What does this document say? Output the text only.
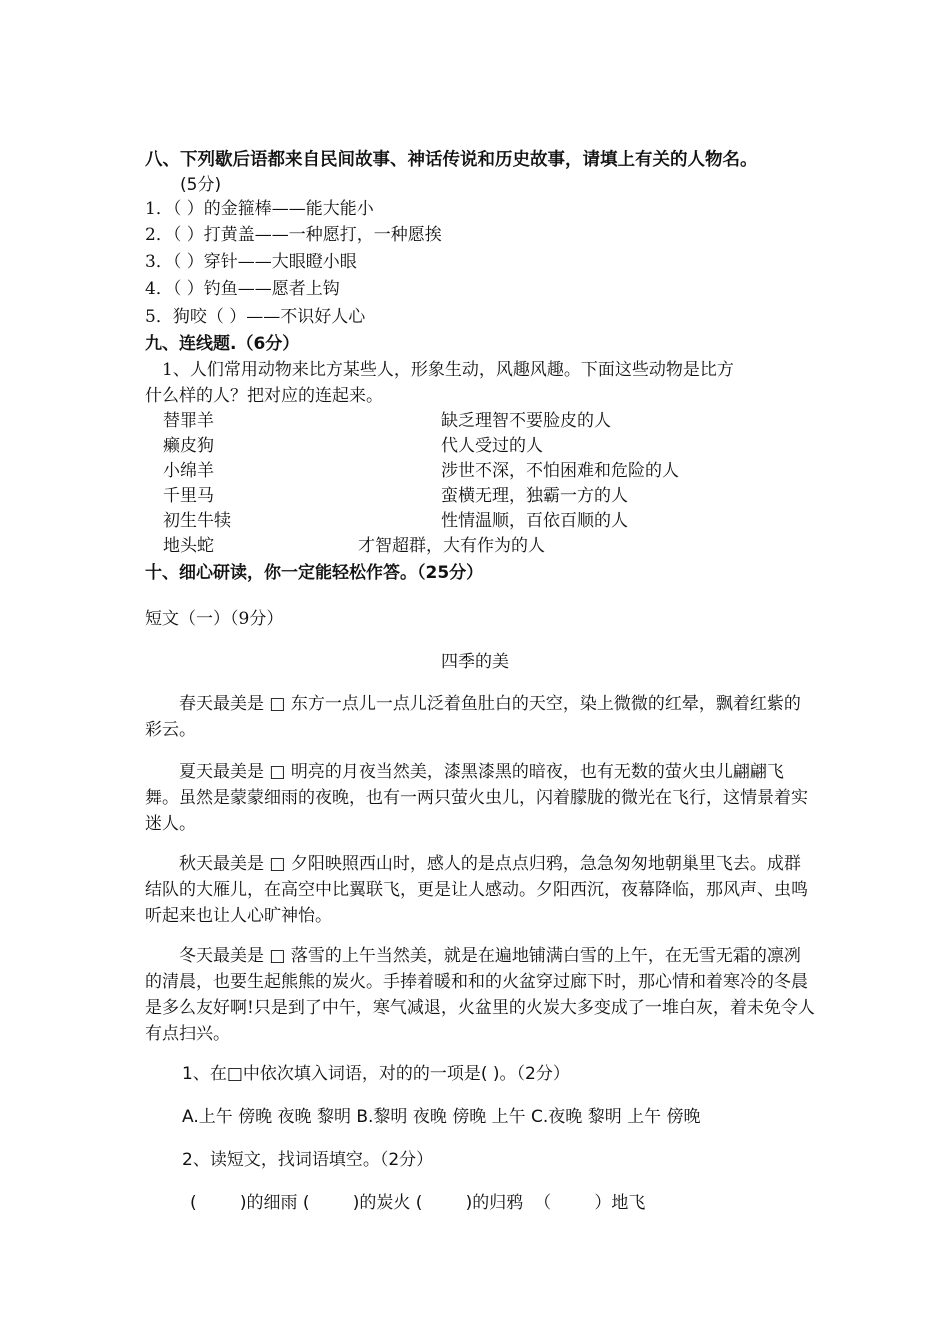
八、下列歇后语都来自民间故事、神话传说和历史故事，请填上有关的人物名。
(5分)
1．（ ）的金箍棒——能大能小
2．（ ）打黄盖——一种愿打，一种愿挨
3．（ ）穿针——大眼瞪小眼
4．（ ）钓鱼——愿者上钩
5．狗咬（ ）——不识好人心
九、连线题.（6分）
1、人们常用动物来比方某些人，形象生动，风趣风趣。下面这些动物是比方
什么样的人？把对应的连起来。
替罪羊
癞皮狗
小绵羊
千里马
初生牛犊
地头蛇
缺乏理智不要脸皮的人
代人受过的人
涉世不深，不怕困难和危险的人
蛮横无理，独霸一方的人
性情温顺，百依百顺的人
才智超群，大有作为的人
十、细心研读，你一定能轻松作答。（25分）
短文（一）（9分）
四季的美
春天最美是 □ 东方一点儿一点儿泛着鱼肚白的天空，染上微微的红晕，飘着红紫的彩云。
夏天最美是 □ 明亮的月夜当然美，漆黑漆黑的暗夜，也有无数的萤火虫儿翩翩飞舞。虽然是蒙蒙细雨的夜晚，也有一两只萤火虫儿，闪着朦胧的微光在飞行，这情景着实迷人。
秋天最美是 □ 夕阳映照西山时，感人的是点点归鸦，急急匆匆地朝巢里飞去。成群结队的大雁儿，在高空中比翼联飞，更是让人感动。夕阳西沉，夜幕降临，那风声、虫鸣听起来也让人心旷神怡。
冬天最美是 □ 落雪的上午当然美，就是在遍地铺满白雪的上午，在无雪无霜的凛冽的清晨，也要生起熊熊的炭火。手捧着暖和和的火盆穿过廊下时，那心情和着寒冷的冬晨是多么友好啊!只是到了中午，寒气减退，火盆里的火炭大多变成了一堆白灰，着未免令人有点扫兴。
1、在□中依次填入词语，对的的一项是( )。（2分）
A.上午 傍晚 夜晚 黎明 B.黎明 夜晚 傍晚 上午 C.夜晚 黎明 上午 傍晚
2、读短文，找词语填空。（2分）
(        )的细雨 (        )的炭火 (        )的归鸦  （        ）地飞
